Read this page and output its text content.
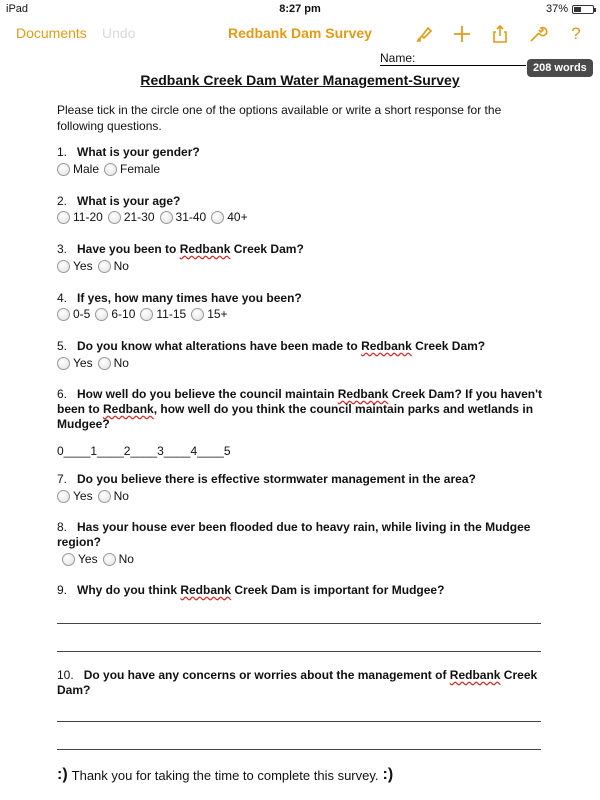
iPad	8:27 pm	37%
Documents Undo	Redbank Dam Survey	?
208 words
Name:
Redbank Creek Dam Water Management-Survey
Please tick in the circle one of the options available or write a short response for the following questions.
1. What is your gender?
Male Female
2. What is your age?
11-20 21-30 31-40 40+
3. Have you been to Redbank Creek Dam?
Yes No
4. If yes, how many times have you been?
0-5 6-10 11-15 15+
5. Do you know what alterations have been made to Redbank Creek Dam?
Yes No
6. How well do you believe the council maintain Redbank Creek Dam? If you haven't been to Redbank, how well do you think the council maintain parks and wetlands in Mudgee?
0____1____2____3____4____5
7. Do you believe there is effective stormwater management in the area?
Yes No
8. Has your house ever been flooded due to heavy rain, while living in the Mudgee region?
Yes No
9. Why do you think Redbank Creek Dam is important for Mudgee?
10. Do you have any concerns or worries about the management of Redbank Creek Dam?
:) Thank you for taking the time to complete this survey. :)
